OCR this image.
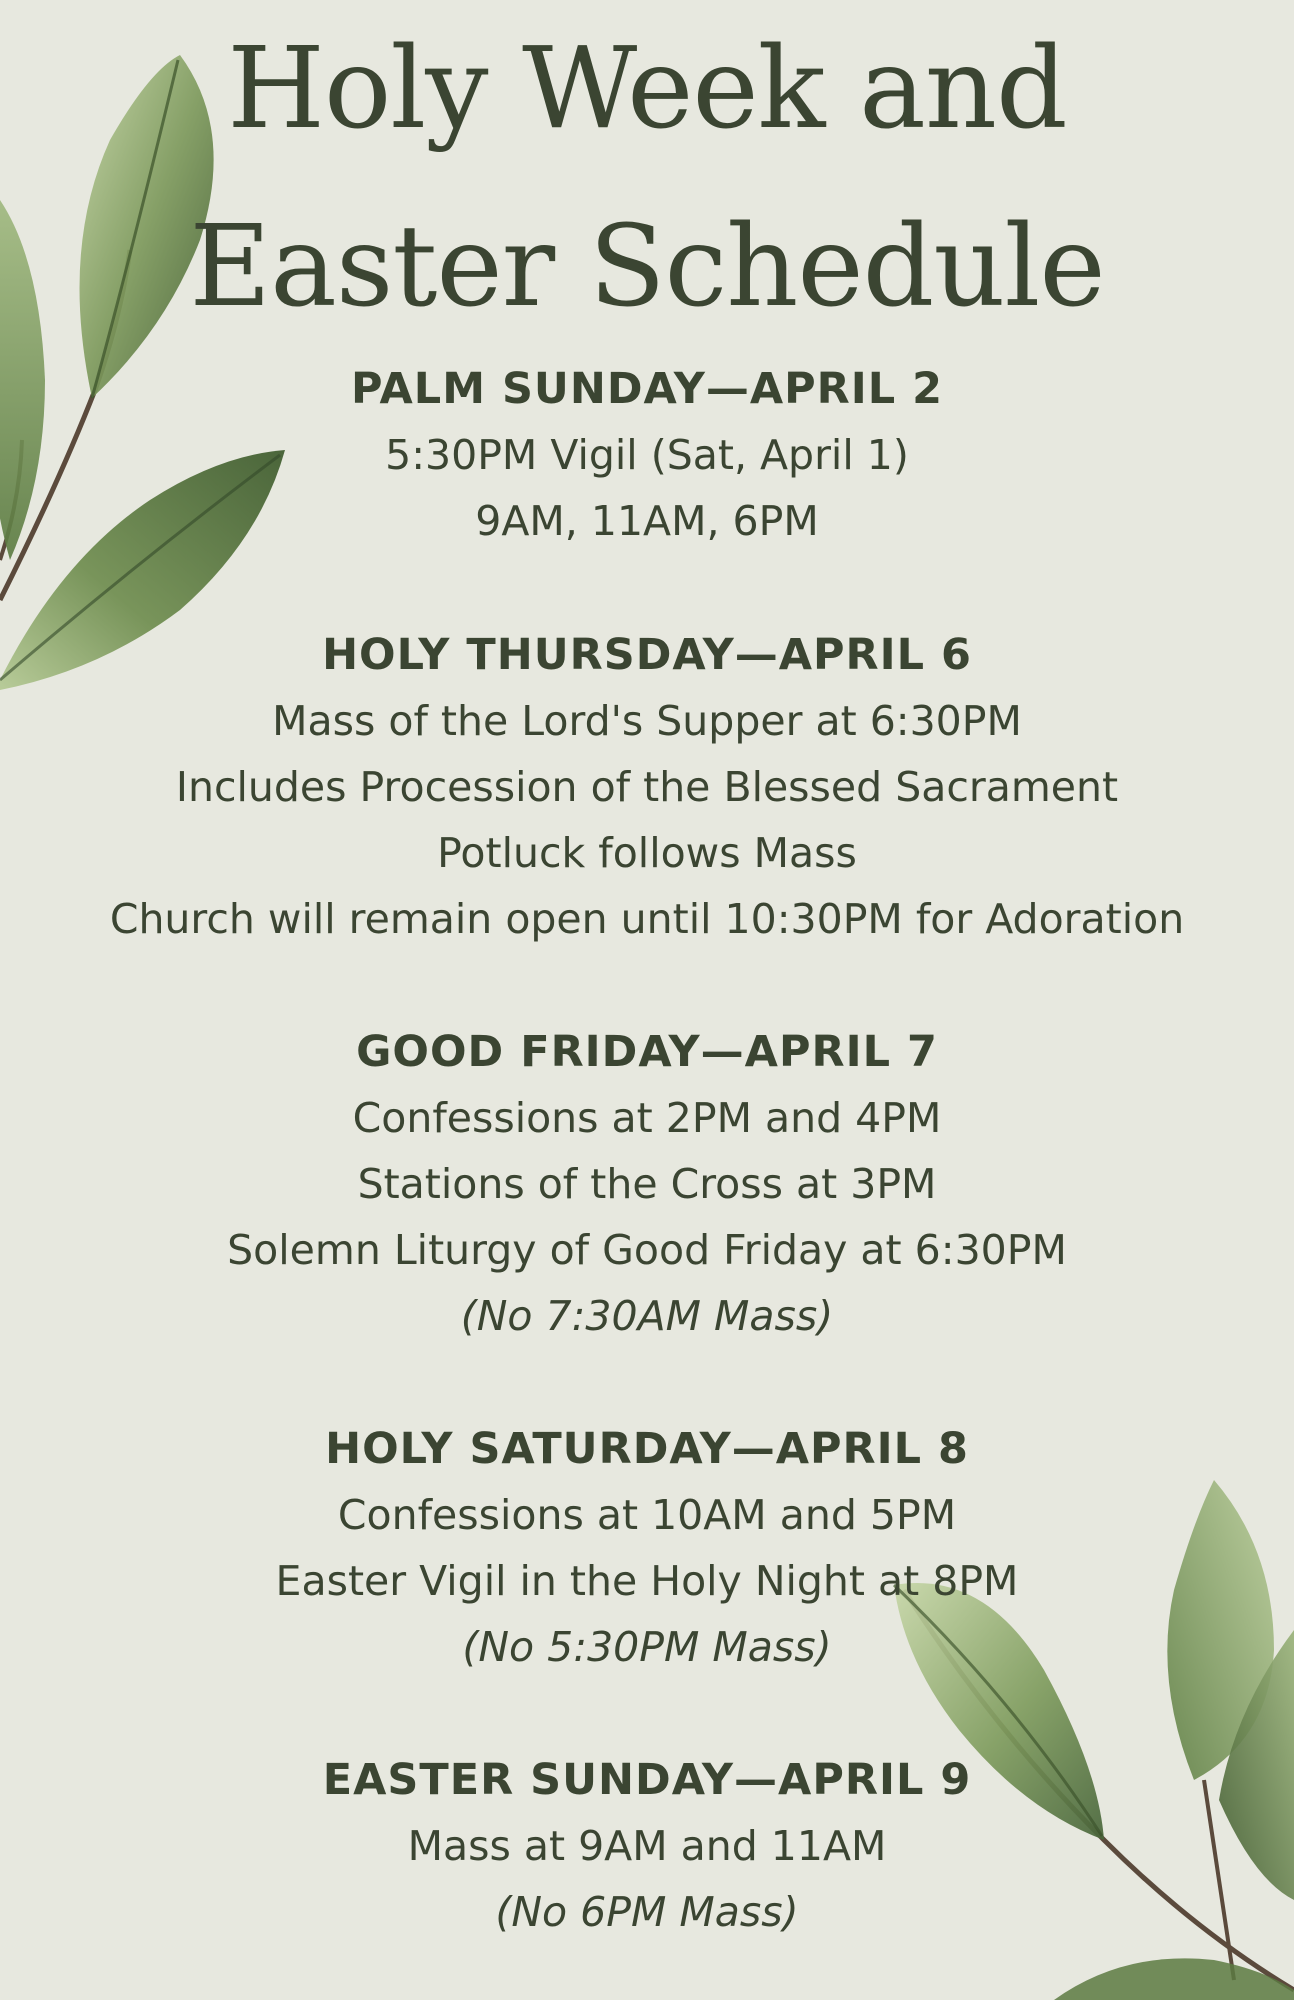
Holy Week and
Easter Schedule
PALM SUNDAY—APRIL 2

5:30PM Vigil (Sat, April 1)

9AM, 11AM, 6PM

HOLY THURSDAY—APRIL 6

Mass of the Lord's Supper at 6:30PM

Includes Procession of the Blessed Sacrament

Potluck follows Mass

Church will remain open until 10:30PM for Adoration

GOOD FRIDAY—APRIL 7

Confessions at 2PM and 4PM

Stations of the Cross at 3PM

Solemn Liturgy of Good Friday at 6:30PM

(No 7:30AM Mass)

HOLY SATURDAY—APRIL 8

Confessions at 10AM and 5PM

Easter Vigil in the Holy Night at 8PM

(No 5:30PM Mass)

EASTER SUNDAY—APRIL 9

Mass at 9AM and 11AM

(No 6PM Mass)
